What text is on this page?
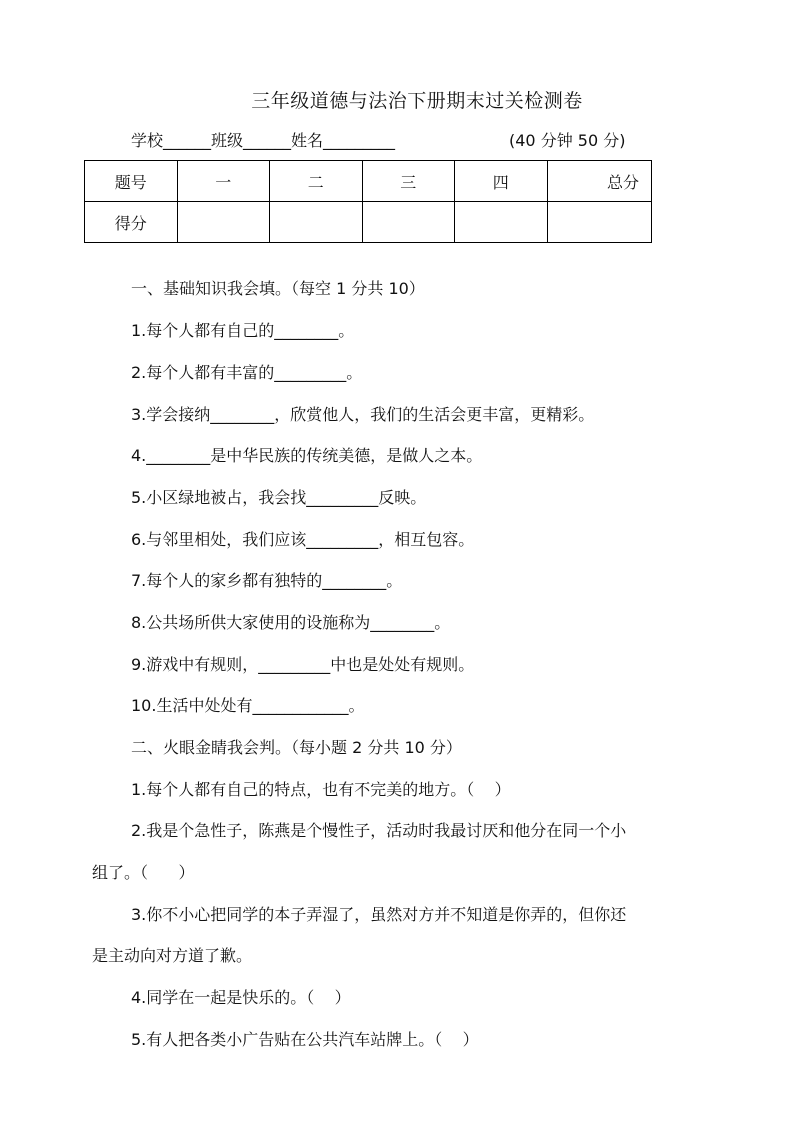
三年级道德与法治下册期末过关检测卷
学校______班级______姓名_________	(40 分钟 50 分)
题号	一	二	三	四	总分
得分					
一、基础知识我会填。（每空 1 分共 10）
1.每个人都有自己的________。
2.每个人都有丰富的_________。
3.学会接纳________，欣赏他人，我们的生活会更丰富，更精彩。
4.________是中华民族的传统美德，是做人之本。
5.小区绿地被占，我会找_________反映。
6.与邻里相处，我们应该_________，相互包容。
7.每个人的家乡都有独特的________。
8.公共场所供大家使用的设施称为________。
9.游戏中有规则，_________中也是处处有规则。
10.生活中处处有____________。
二、火眼金睛我会判。（每小题 2 分共 10 分）
1.每个人都有自己的特点，也有不完美的地方。（    ）
2.我是个急性子，陈燕是个慢性子，活动时我最讨厌和他分在同一个小
组了。（      ）
3.你不小心把同学的本子弄湿了，虽然对方并不知道是你弄的，但你还
是主动向对方道了歉。
4.同学在一起是快乐的。（    ）
5.有人把各类小广告贴在公共汽车站牌上。（    ）
